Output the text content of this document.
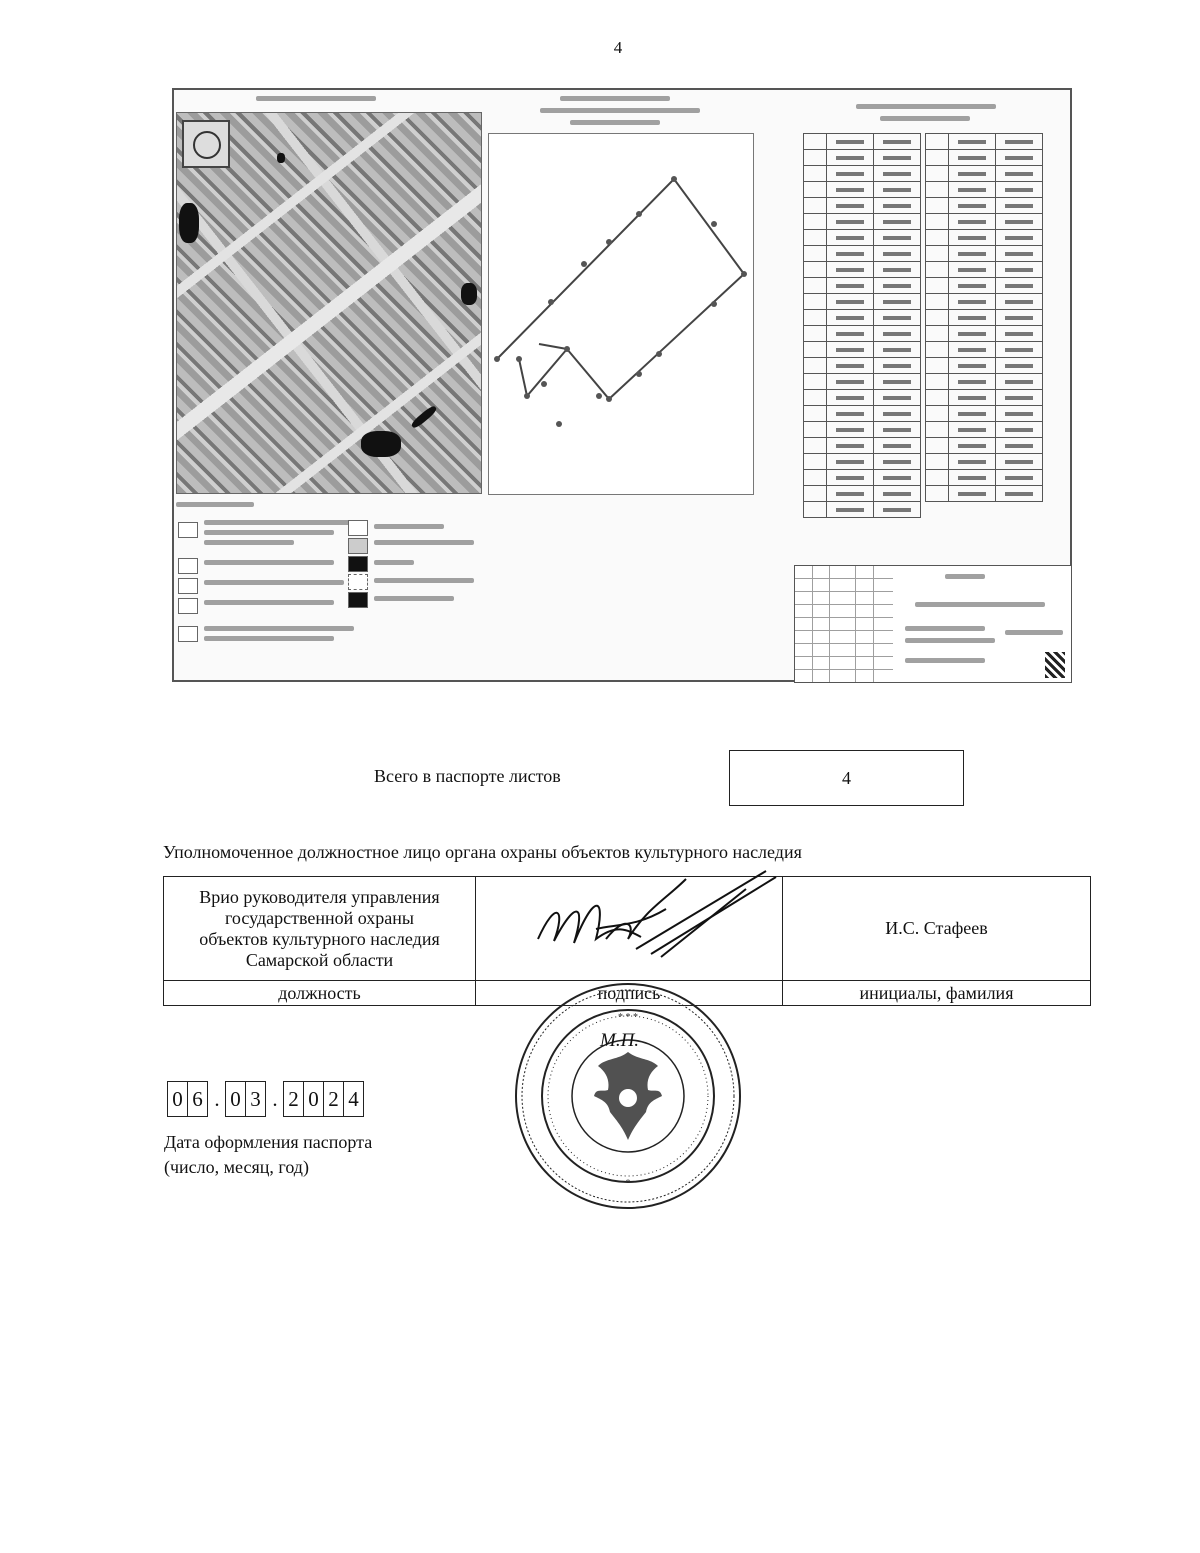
4

Всего в паспорте листов	4
Уполномоченное должностное лицо органа охраны объектов культурного наследия
Врио руководителя управления
государственной охраны
объектов культурного наследия
Самарской области		И.С. Стафеев
должность	подпись	инициалы, фамилия
* * *
*
М.П.
0 6 . 0 3 . 2 0 2 4
Дата оформления паспорта
(число, месяц, год)
